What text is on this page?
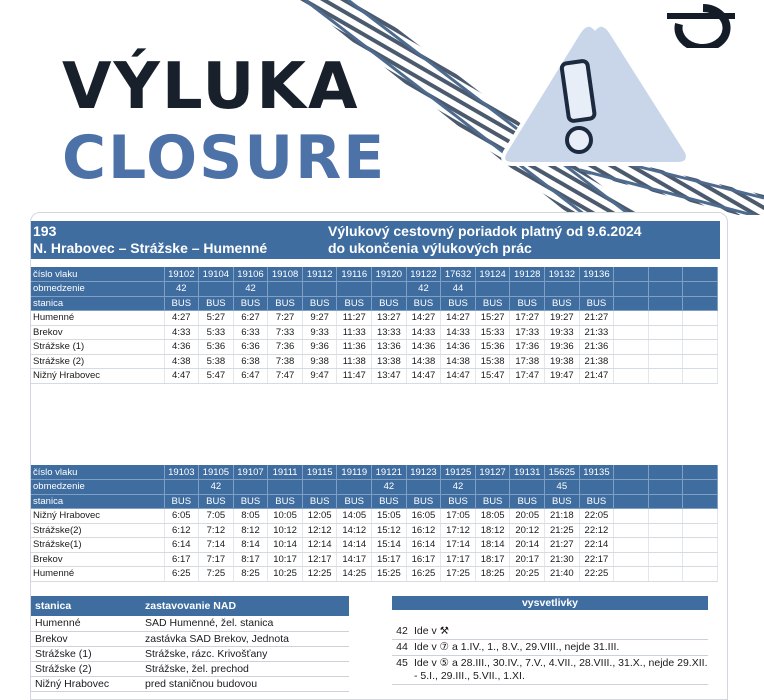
VÝLUKA
CLOSURE
193
N. Hrabovec – Strážske – Humenné
Výlukový cestovný poriadok platný od 9.6.2024
do ukončenia výlukových prác
číslo vlaku	19102	19104	19106	19108	19112	19116	19120	19122	17632	19124	19128	19132	19136			
obmedzenie	42		42					42	44							
stanica	BUS	BUS	BUS	BUS	BUS	BUS	BUS	BUS	BUS	BUS	BUS	BUS	BUS			
Humenné	4:27	5:27	6:27	7:27	9:27	11:27	13:27	14:27	14:27	15:27	17:27	19:27	21:27			
Brekov	4:33	5:33	6:33	7:33	9:33	11:33	13:33	14:33	14:33	15:33	17:33	19:33	21:33			
Strážske (1)	4:36	5:36	6:36	7:36	9:36	11:36	13:36	14:36	14:36	15:36	17:36	19:36	21:36			
Strážske (2)	4:38	5:38	6:38	7:38	9:38	11:38	13:38	14:38	14:38	15:38	17:38	19:38	21:38			
Nižný Hrabovec	4:47	5:47	6:47	7:47	9:47	11:47	13:47	14:47	14:47	15:47	17:47	19:47	21:47			
číslo vlaku	19103	19105	19107	19111	19115	19119	19121	19123	19125	19127	19131	15625	19135			
obmedzenie		42					42		42			45				
stanica	BUS	BUS	BUS	BUS	BUS	BUS	BUS	BUS	BUS	BUS	BUS	BUS	BUS			
Nižný Hrabovec	6:05	7:05	8:05	10:05	12:05	14:05	15:05	16:05	17:05	18:05	20:05	21:18	22:05			
Strážske(2)	6:12	7:12	8:12	10:12	12:12	14:12	15:12	16:12	17:12	18:12	20:12	21:25	22:12			
Strážske(1)	6:14	7:14	8:14	10:14	12:14	14:14	15:14	16:14	17:14	18:14	20:14	21:27	22:14			
Brekov	6:17	7:17	8:17	10:17	12:17	14:17	15:17	16:17	17:17	18:17	20:17	21:30	22:17			
Humenné	6:25	7:25	8:25	10:25	12:25	14:25	15:25	16:25	17:25	18:25	20:25	21:40	22:25			
stanica	zastavovanie NAD
Humenné	SAD Humenné, žel. stanica
Brekov	zastávka SAD Brekov, Jednota
Strážske (1)	Strážske, rázc. Krivošťany
Strážske (2)	Strážske, žel. prechod
Nižný Hrabovec	pred staničnou budovou
vysvetlivky
42 Ide v ⚒
44 Ide v ⑦ a 1.IV., 1., 8.V., 29.VIII., nejde 31.III.
45 Ide v ⑤ a 28.III., 30.IV., 7.V., 4.VII., 28.VIII., 31.X., nejde 29.XII. - 5.I., 29.III., 5.VII., 1.XI.
